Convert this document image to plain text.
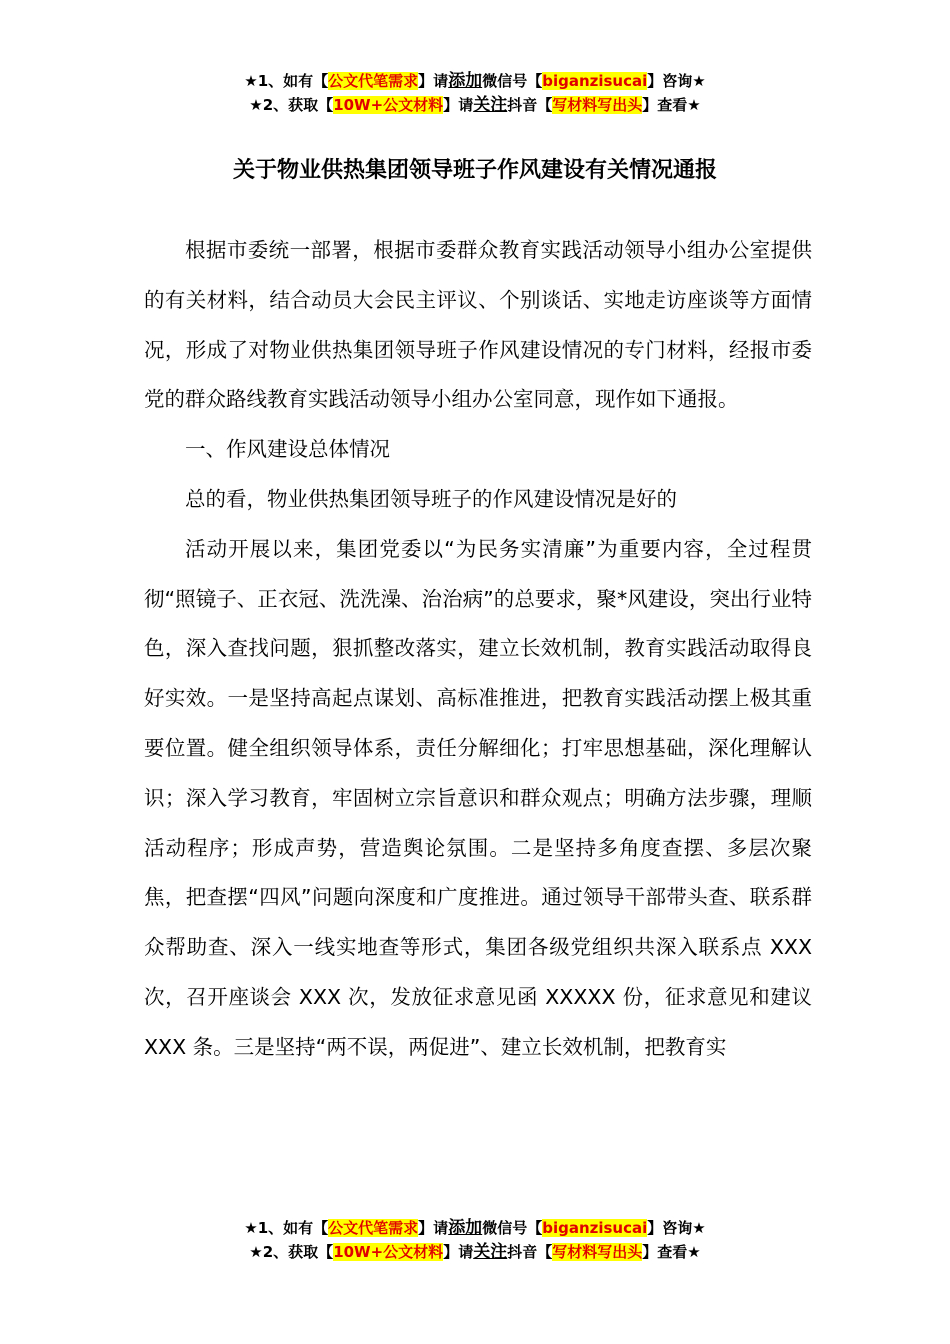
★1、如有【公文代笔需求】请添加微信号【biganzisucai】咨询★
★2、获取【10W+公文材料】请关注抖音【写材料写出头】查看★
关于物业供热集团领导班子作风建设有关情况通报

根据市委统一部署，根据市委群众教育实践活动领导小组办公室提供的有关材料，结合动员大会民主评议、个别谈话、实地走访座谈等方面情况，形成了对物业供热集团领导班子作风建设情况的专门材料，经报市委党的群众路线教育实践活动领导小组办公室同意，现作如下通报。

一、作风建设总体情况

总的看，物业供热集团领导班子的作风建设情况是好的

活动开展以来，集团党委以“为民务实清廉”为重要内容，全过程贯彻“照镜子、正衣冠、洗洗澡、治治病”的总要求，聚*风建设，突出行业特色，深入查找问题，狠抓整改落实，建立长效机制，教育实践活动取得良好实效。一是坚持高起点谋划、高标准推进，把教育实践活动摆上极其重要位置。健全组织领导体系，责任分解细化；打牢思想基础，深化理解认识；深入学习教育，牢固树立宗旨意识和群众观点；明确方法步骤，理顺活动程序；形成声势，营造舆论氛围。二是坚持多角度查摆、多层次聚焦，把查摆“四风”问题向深度和广度推进。通过领导干部带头查、联系群众帮助查、深入一线实地查等形式，集团各级党组织共深入联系点 XXX 次，召开座谈会 XXX 次，发放征求意见函 XXXXX 份，征求意见和建议 XXX 条。三是坚持“两不误，两促进”、建立长效机制，把教育实

★1、如有【公文代笔需求】请添加微信号【biganzisucai】咨询★
★2、获取【10W+公文材料】请关注抖音【写材料写出头】查看★
